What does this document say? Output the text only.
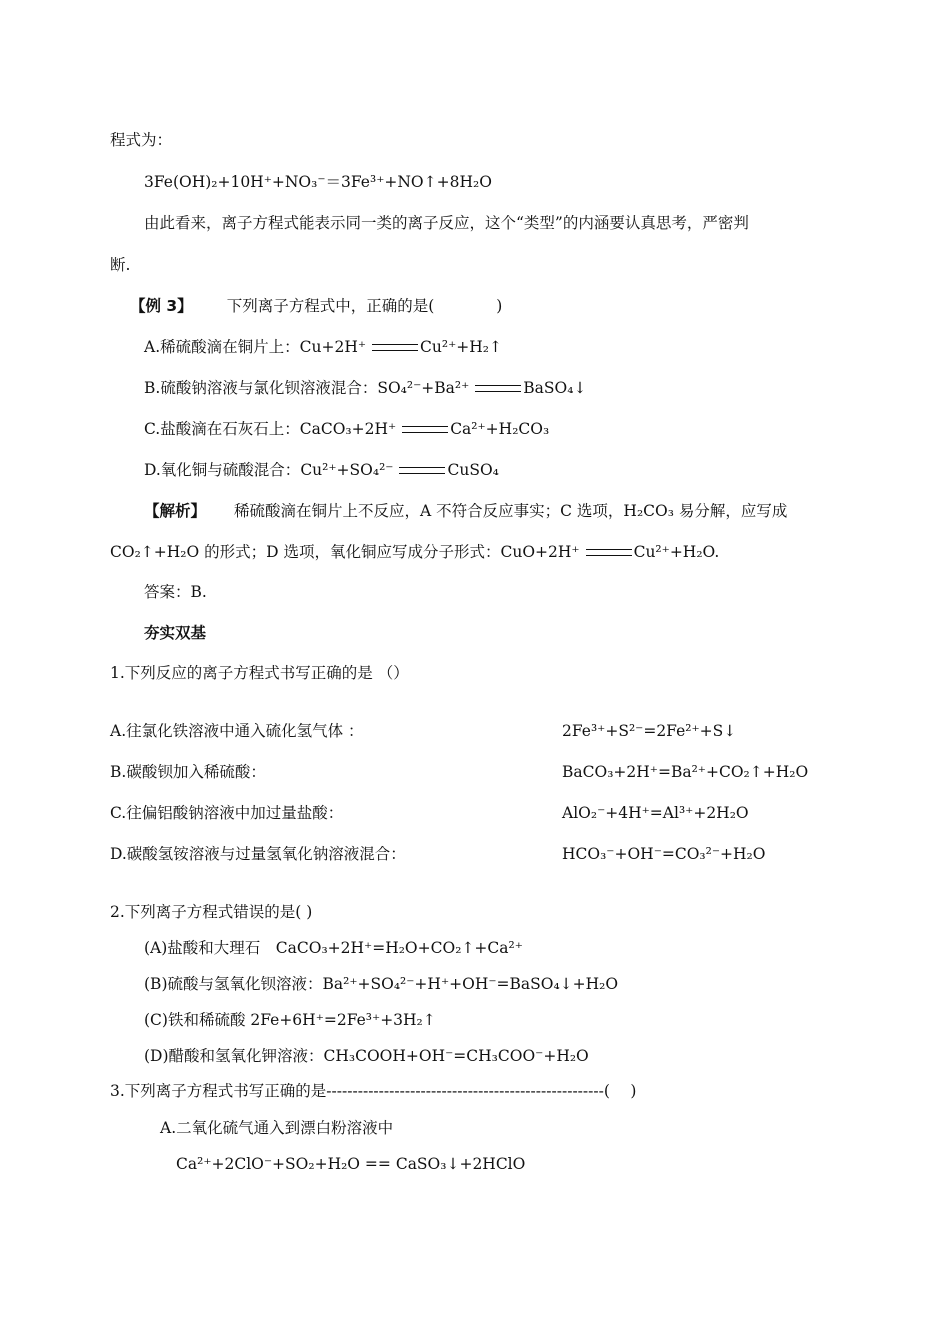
程式为：
3Fe(OH)₂+10H⁺+NO₃⁻＝3Fe³⁺+NO↑+8H₂O
由此看来，离子方程式能表示同一类的离子反应，这个“类型”的内涵要认真思考，严密判
断.
【例 3】 下列离子方程式中，正确的是(　　　　)
A.稀硫酸滴在铜片上：Cu+2H⁺	Cu²⁺+H₂↑
B.硫酸钠溶液与氯化钡溶液混合：SO₄²⁻+Ba²⁺	BaSO₄↓
C.盐酸滴在石灰石上：CaCO₃+2H⁺	Ca²⁺+H₂CO₃
D.氧化铜与硫酸混合：Cu²⁺+SO₄²⁻	CuSO₄
【解析】 稀硫酸滴在铜片上不反应，A 不符合反应事实；C 选项，H₂CO₃ 易分解，应写成
CO₂↑+H₂O 的形式；D 选项，氧化铜应写成分子形式：CuO+2H⁺	Cu²⁺+H₂O.
答案：B.
夯实双基
1.下列反应的离子方程式书写正确的是 （）
A.往氯化铁溶液中通入硫化氢气体 ：	2Fe³⁺+S²⁻=2Fe²⁺+S↓
B.碳酸钡加入稀硫酸：	BaCO₃+2H⁺=Ba²⁺+CO₂↑+H₂O
C.往偏铝酸钠溶液中加过量盐酸：	AlO₂⁻+4H⁺=Al³⁺+2H₂O
D.碳酸氢铵溶液与过量氢氧化钠溶液混合：	HCO₃⁻+OH⁻=CO₃²⁻+H₂O
2.下列离子方程式错误的是( )
(A)盐酸和大理石　CaCO₃+2H⁺=H₂O+CO₂↑+Ca²⁺
(B)硫酸与氢氧化钡溶液：Ba²⁺+SO₄²⁻+H⁺+OH⁻=BaSO₄↓+H₂O
(C)铁和稀硫酸 2Fe+6H⁺=2Fe³⁺+3H₂↑
(D)醋酸和氢氧化钾溶液：CH₃COOH+OH⁻=CH₃COO⁻+H₂O
3.下列离子方程式书写正确的是-----------------------------------------------------(　 )
A.二氧化硫气通入到漂白粉溶液中
Ca²⁺+2ClO⁻+SO₂+H₂O == CaSO₃↓+2HClO
